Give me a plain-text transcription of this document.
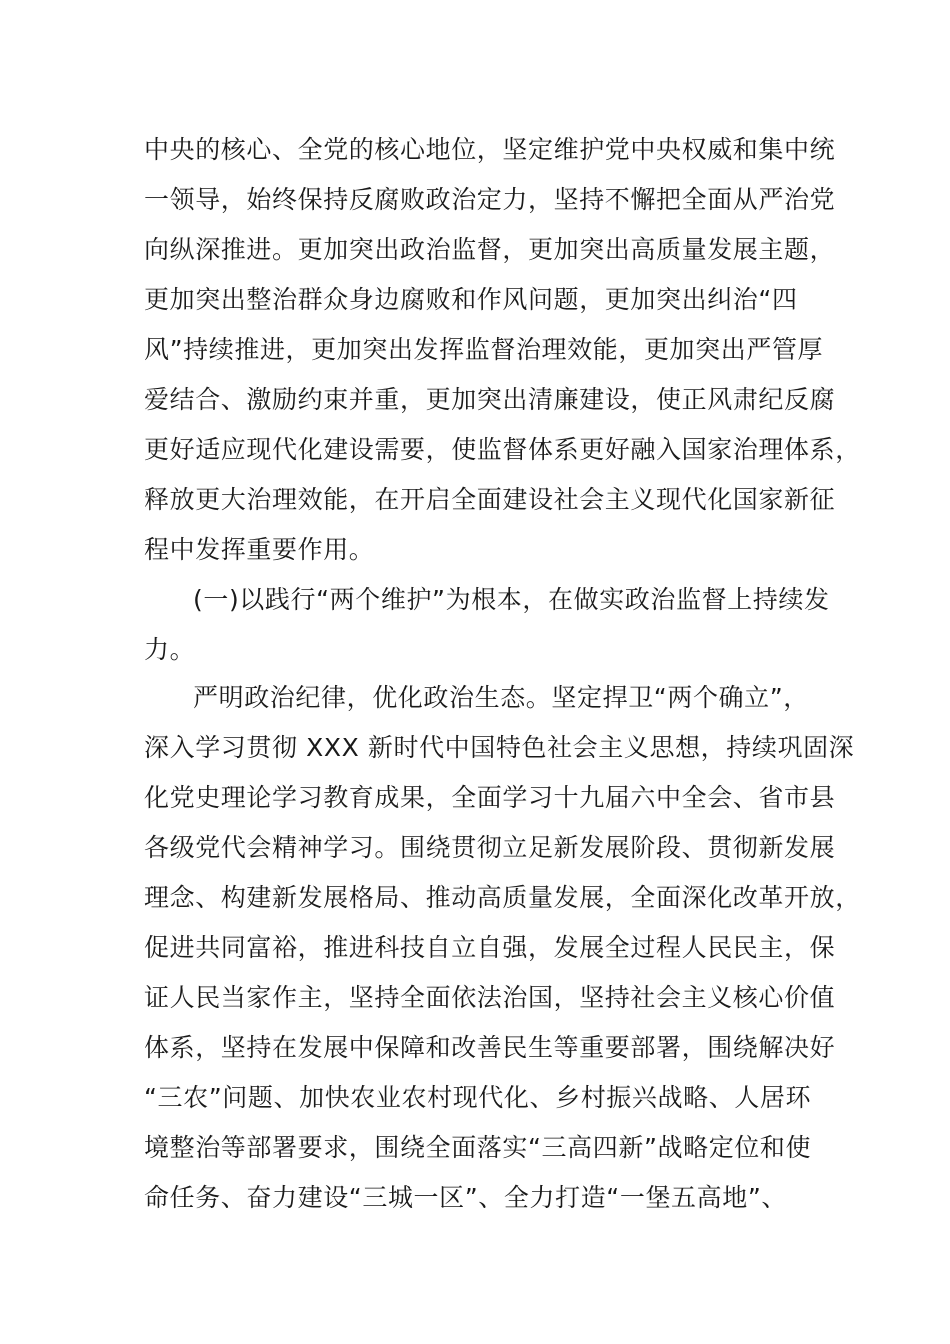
中央的核心、全党的核心地位，坚定维护党中央权威和集中统
一领导，始终保持反腐败政治定力，坚持不懈把全面从严治党
向纵深推进。更加突出政治监督，更加突出高质量发展主题，
更加突出整治群众身边腐败和作风问题，更加突出纠治“四
风”持续推进，更加突出发挥监督治理效能，更加突出严管厚
爱结合、激励约束并重，更加突出清廉建设，使正风肃纪反腐
更好适应现代化建设需要，使监督体系更好融入国家治理体系，
释放更大治理效能，在开启全面建设社会主义现代化国家新征
程中发挥重要作用。
(一)以践行“两个维护”为根本，在做实政治监督上持续发
力。
严明政治纪律，优化政治生态。坚定捍卫“两个确立”，
深入学习贯彻 XXX 新时代中国特色社会主义思想，持续巩固深
化党史理论学习教育成果，全面学习十九届六中全会、省市县
各级党代会精神学习。围绕贯彻立足新发展阶段、贯彻新发展
理念、构建新发展格局、推动高质量发展，全面深化改革开放，
促进共同富裕，推进科技自立自强，发展全过程人民民主，保
证人民当家作主，坚持全面依法治国，坚持社会主义核心价值
体系，坚持在发展中保障和改善民生等重要部署，围绕解决好
“三农”问题、加快农业农村现代化、乡村振兴战略、人居环
境整治等部署要求，围绕全面落实“三高四新”战略定位和使
命任务、奋力建设“三城一区”、全力打造“一堡五高地”、
